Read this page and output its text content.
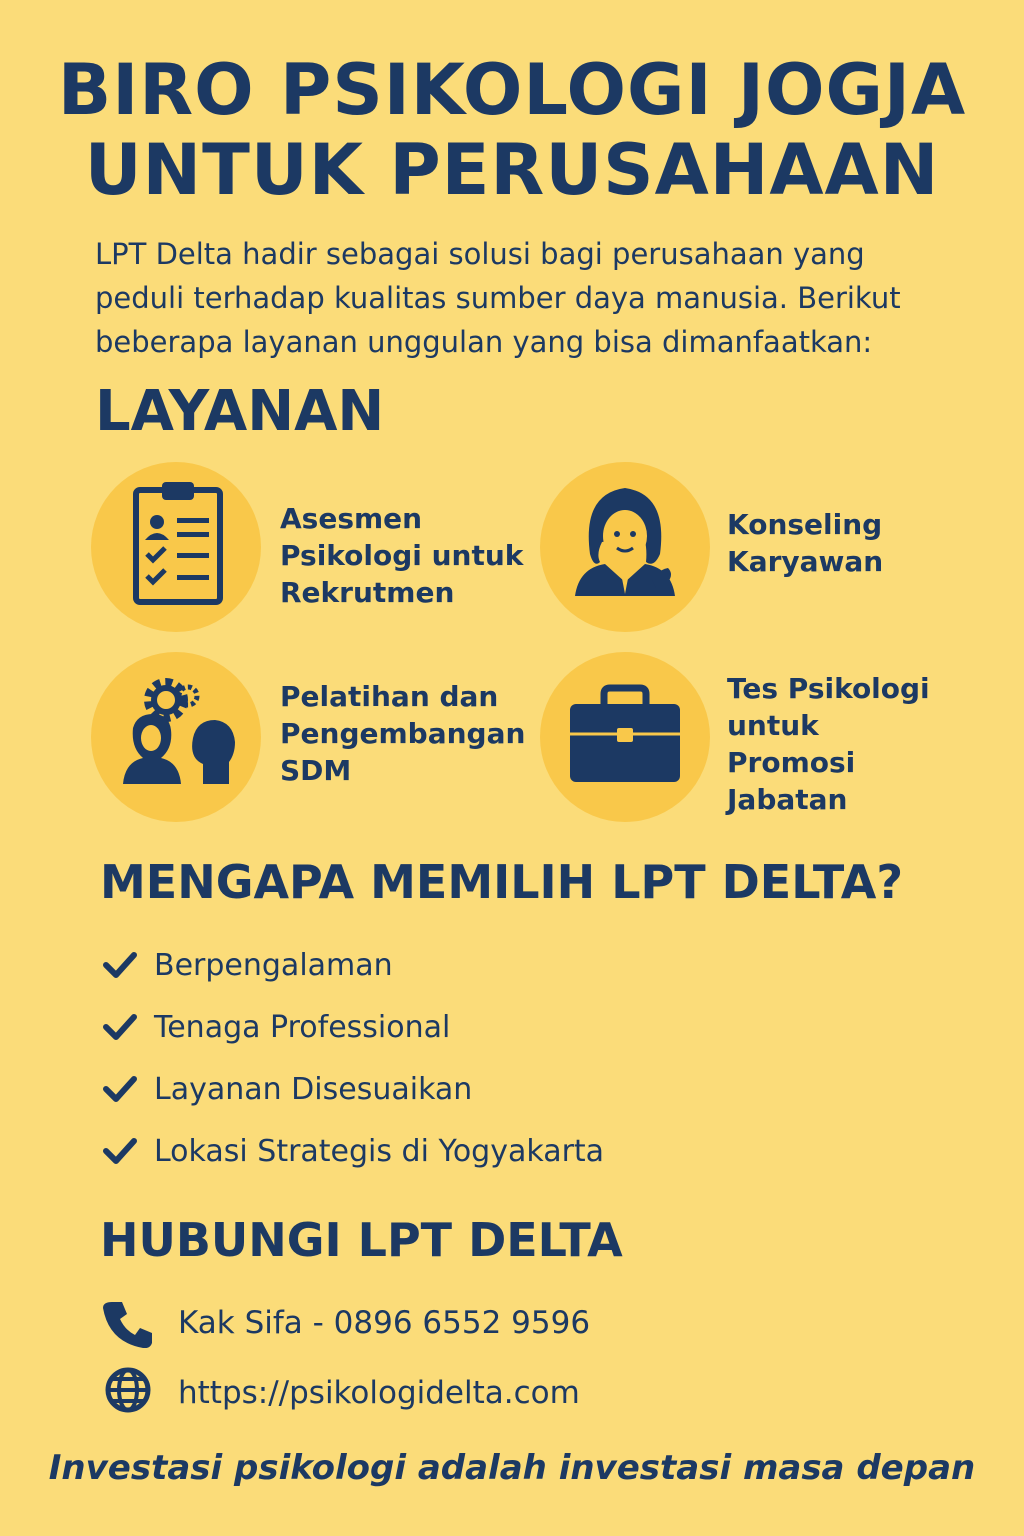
BIRO PSIKOLOGI JOGJA
UNTUK PERUSAHAAN
LPT Delta hadir sebagai solusi bagi perusahaan yang
peduli terhadap kualitas sumber daya manusia. Berikut
beberapa layanan unggulan yang bisa dimanfaatkan:
LAYANAN
Asesmen
Psikologi untuk
Rekrutmen
Konseling
Karyawan
Pelatihan dan
Pengembangan
SDM
Tes Psikologi
untuk
Promosi
Jabatan
MENGAPA MEMILIH LPT DELTA?
Berpengalaman
Tenaga Professional
Layanan Disesuaikan
Lokasi Strategis di Yogyakarta
HUBUNGI LPT DELTA
Kak Sifa - 0896 6552 9596
https://psikologidelta.com
Investasi psikologi adalah investasi masa depan
